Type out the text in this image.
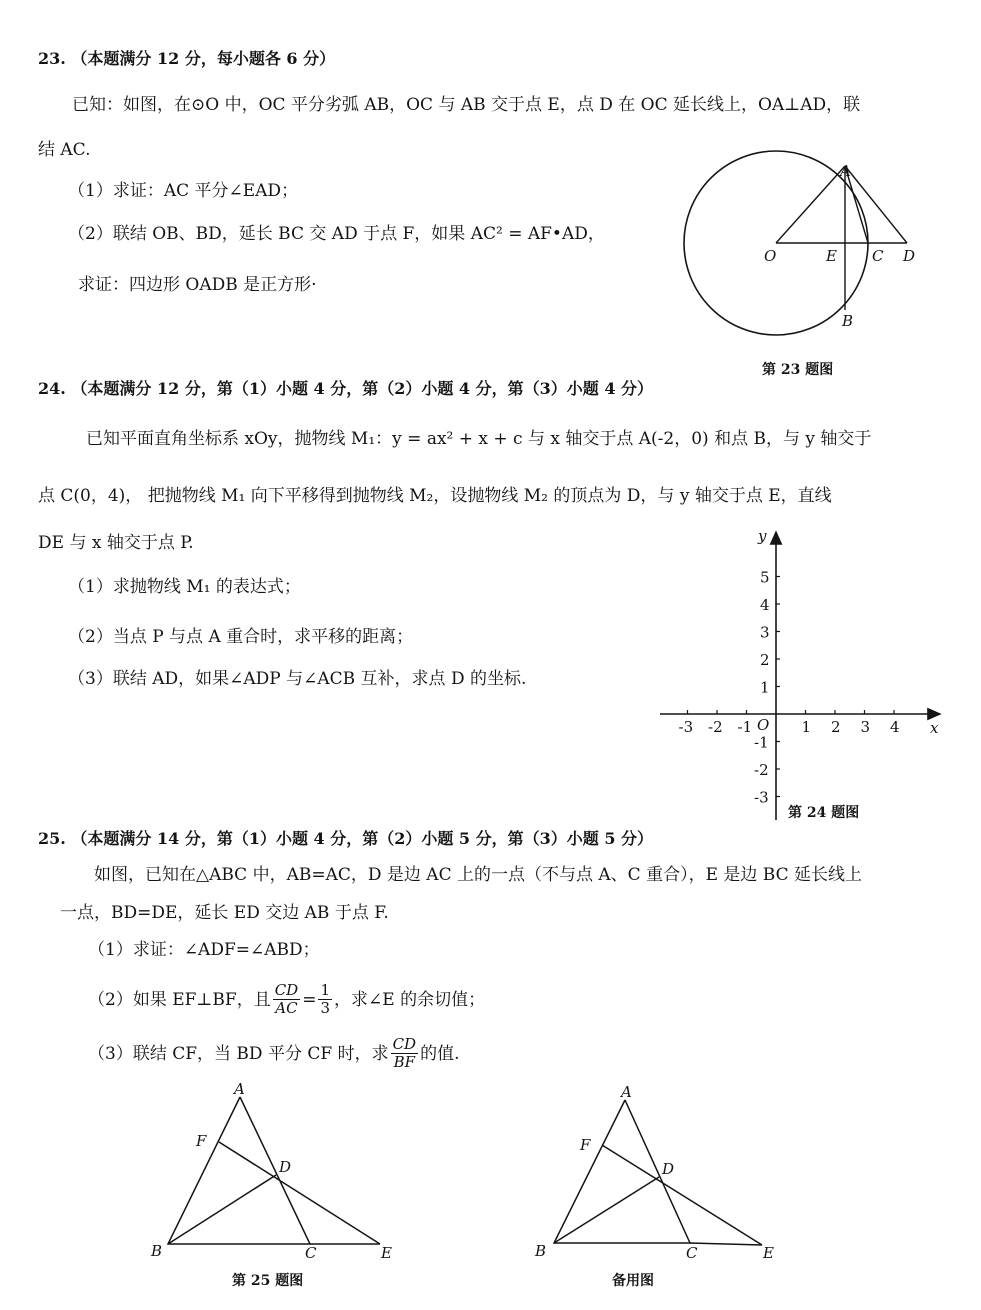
23. （本题满分 12 分，每小题各 6 分）
已知：如图，在⊙O 中，OC 平分劣弧 AB，OC 与 AB 交于点 E，点 D 在 OC 延长线上，OA⊥AD，联
结 AC.
（1）求证：AC 平分∠EAD；
（2）联结 OB、BD，延长 BC 交 AD 于点 F，如果 AC² = AF•AD，
求证：四边形 OADB 是正方形·
A
O	E C D
B
第 23 题图
24. （本题满分 12 分，第（1）小题 4 分，第（2）小题 4 分，第（3）小题 4 分）
已知平面直角坐标系 xOy，抛物线 M₁：y = ax² + x + c 与 x 轴交于点 A(-2，0) 和点 B，与 y 轴交于
点 C(0，4)， 把抛物线 M₁ 向下平移得到抛物线 M₂，设抛物线 M₂ 的顶点为 D，与 y 轴交于点 E，直线
DE 与 x 轴交于点 P.
（1）求抛物线 M₁ 的表达式；
（2）当点 P 与点 A 重合时，求平移的距离；
（3）联结 AD，如果∠ADP 与∠ACB 互补，求点 D 的坐标.
-3 -2 -1	1 2 3 4
5
4
3
2
1
-1
-2
-3
x
y
O
第 24 题图
25. （本题满分 14 分，第（1）小题 4 分，第（2）小题 5 分，第（3）小题 5 分）
如图，已知在△ABC 中，AB=AC，D 是边 AC 上的一点（不与点 A、C 重合），E 是边 BC 延长线上
一点，BD=DE，延长 ED 交边 AB 于点 F.
（1）求证：∠ADF=∠ABD；
（2）如果 EF⊥BF，且 $\frac{CD}{AC} = \frac{1}{3}$ ，求∠E 的余切值；
（3）联结 CF，当 BD 平分 CF 时，求 $\frac{CD}{BF}$ 的值.
A
F
D
B	C	E
第 25 题图
A
F
D
B	C	E
备用图
